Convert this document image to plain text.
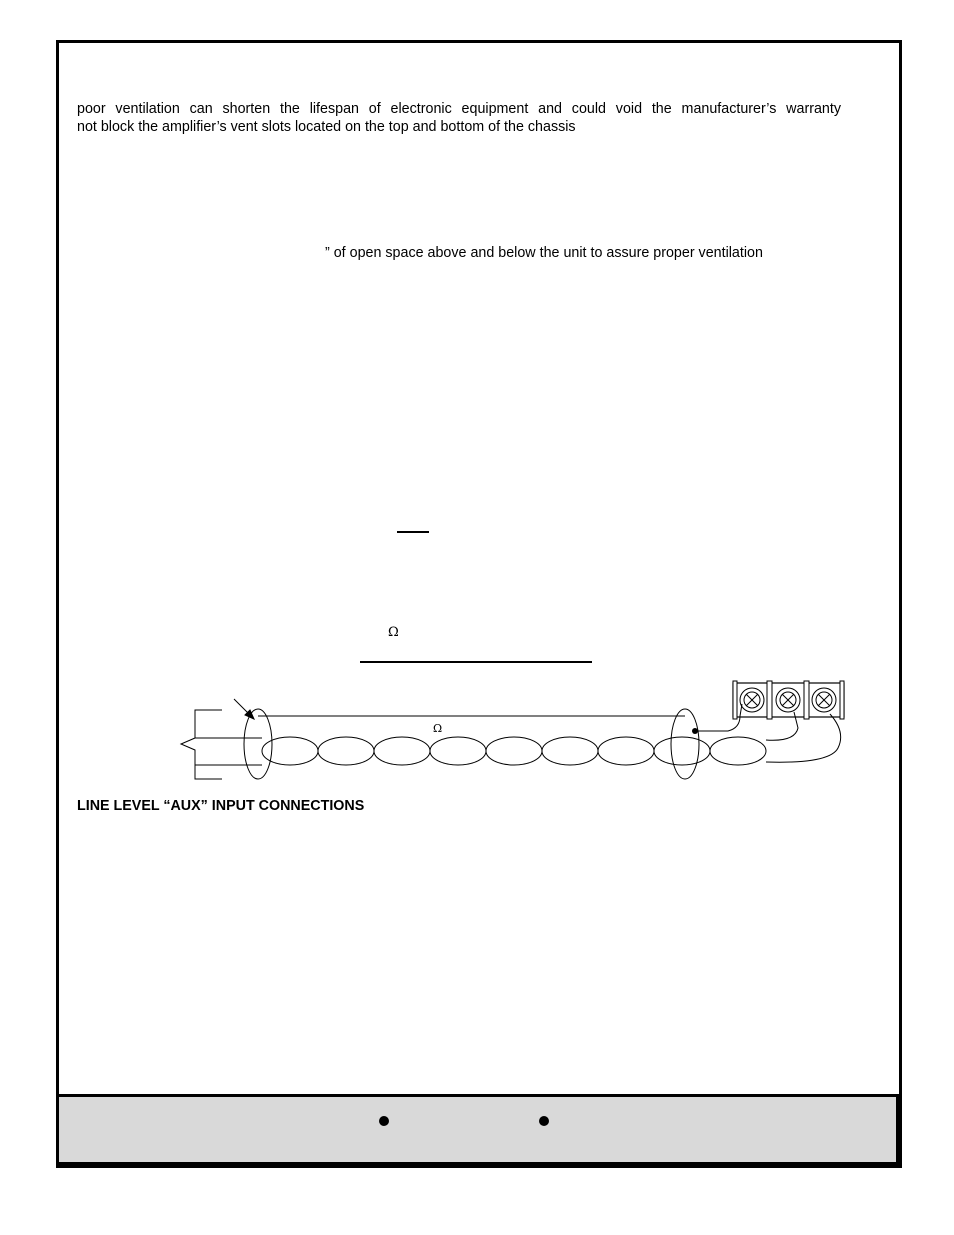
poor ventilation can shorten the lifespan of electronic equipment and could void the manufacturer’s warranty
not block the amplifier’s vent slots located on the top and bottom of the chassis
” of open space above and below the unit to assure proper ventilation
Ω
Ω
LINE LEVEL “AUX” INPUT CONNECTIONS
